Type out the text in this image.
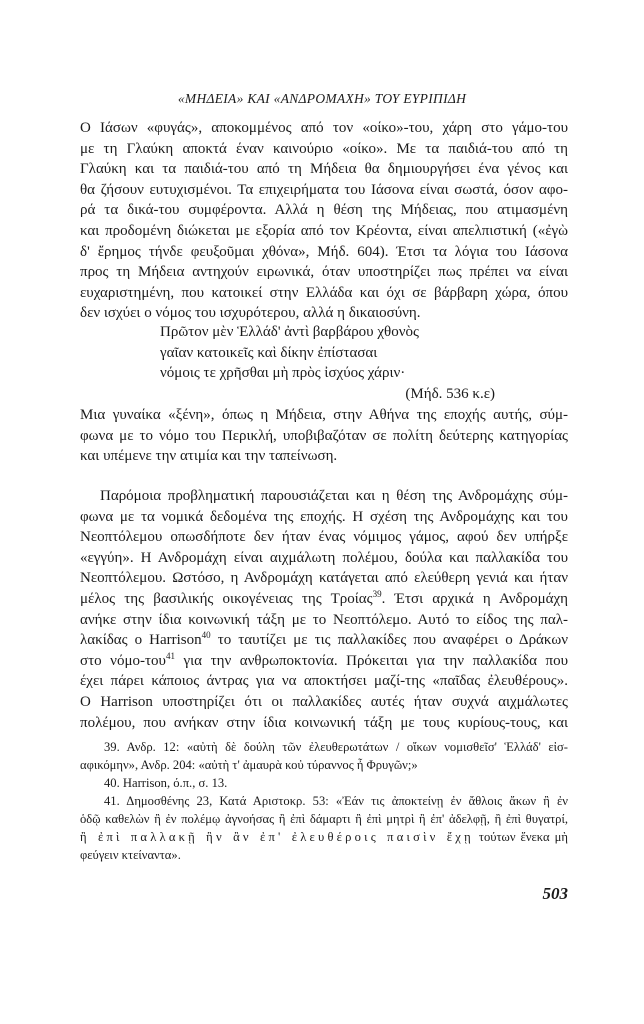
«ΜΗΔΕΙΑ» ΚΑΙ «ΑΝΔΡΟΜΑΧΗ» ΤΟΥ ΕΥΡΙΠΙΔΗ
Ο Ιάσων «φυγάς», αποκομμένος από τον «οίκο»-του, χάρη στο γάμο-του
με τη Γλαύκη αποκτά έναν καινούριο «οίκο». Με τα παιδιά-του από τη
Γλαύκη και τα παιδιά-του από τη Μήδεια θα δημιουργήσει ένα γένος και
θα ζήσουν ευτυχισμένοι. Τα επιχειρήματα του Ιάσονα είναι σωστά, όσον αφο-
ρά τα δικά-του συμφέροντα. Αλλά η θέση της Μήδειας, που ατιμασμένη
και προδομένη διώκεται με εξορία από τον Κρέοντα, είναι απελπιστική («ἐγὼ
δ' ἔρημος τήνδε φευξοῦμαι χθόνα», Μήδ. 604). Έτσι τα λόγια του Ιάσονα
προς τη Μήδεια αντηχούν ειρωνικά, όταν υποστηρίζει πως πρέπει να είναι
ευχαριστημένη, που κατοικεί στην Ελλάδα και όχι σε βάρβαρη χώρα, όπου
δεν ισχύει ο νόμος του ισχυρότερου, αλλά η δικαιοσύνη.
Πρῶτον μὲν Ἑλλάδ' ἀντὶ βαρβάρου χθονὸς
γαῖαν κατοικεῖς καὶ δίκην ἐπίστασαι
νόμοις τε χρῆσθαι μὴ πρὸς ἰσχύος χάριν·
(Μήδ. 536 κ.ε)
Μια γυναίκα «ξένη», όπως η Μήδεια, στην Αθήνα της εποχής αυτής, σύμ-
φωνα με το νόμο του Περικλή, υποβιβαζόταν σε πολίτη δεύτερης κατηγορίας
και υπέμενε την ατιμία και την ταπείνωση.
Παρόμοια προβληματική παρουσιάζεται και η θέση της Ανδρομάχης σύμ-
φωνα με τα νομικά δεδομένα της εποχής. Η σχέση της Ανδρομάχης και του
Νεοπτόλεμου οπωσδήποτε δεν ήταν ένας νόμιμος γάμος, αφού δεν υπήρξε
«εγγύη». Η Ανδρομάχη είναι αιχμάλωτη πολέμου, δούλα και παλλακίδα του
Νεοπτόλεμου. Ωστόσο, η Ανδρομάχη κατάγεται από ελεύθερη γενιά και ήταν
μέλος της βασιλικής οικογένειας της Τροίας$^{39}$. Έτσι αρχικά η Ανδρομάχη
ανήκε στην ίδια κοινωνική τάξη με το Νεοπτόλεμο. Αυτό το είδος της παλ-
λακίδας ο Harrison$^{40}$ το ταυτίζει με τις παλλακίδες που αναφέρει ο Δράκων
στο νόμο-του$^{41}$ για την ανθρωποκτονία. Πρόκειται για την παλλακίδα που
έχει πάρει κάποιος άντρας για να αποκτήσει μαζί-της «παῖδας ἐλευθέρους».
Ο Harrison υποστηρίζει ότι οι παλλακίδες αυτές ήταν συχνά αιχμάλωτες
πολέμου, που ανήκαν στην ίδια κοινωνική τάξη με τους κυρίους-τους, και
39. Ανδρ. 12: «αὐτὴ δὲ δούλη τῶν ἐλευθερωτάτων / οἴκων νομισθεῖσ' Ἑλλάδ' εἰσ-
αφικόμην», Ανδρ. 204: «αὐτὴ τ' ἀμαυρὰ κοὐ τύραννος ἦ Φρυγῶν;»
40. Harrison, ό.π., σ. 13.
41. Δημοσθένης 23, Κατά Αριστοκρ. 53: «Ἐάν τις ἀποκτείνῃ ἐν ἄθλοις ἄκων ἢ ἐν
ὁδῷ καθελὼν ἢ ἐν πολέμῳ ἀγνοήσας ἢ ἐπὶ δάμαρτι ἢ ἐπὶ μητρὶ ἢ ἐπ' ἀδελφῇ, ἢ ἐπὶ θυγατρί,
ἢ ἐπὶ παλλακῇ ἣν ἂν ἐπ' ἐλευθέροις παισὶν ἔχῃ τούτων ἕνεκα μὴ
φεύγειν κτείναντα».
503
